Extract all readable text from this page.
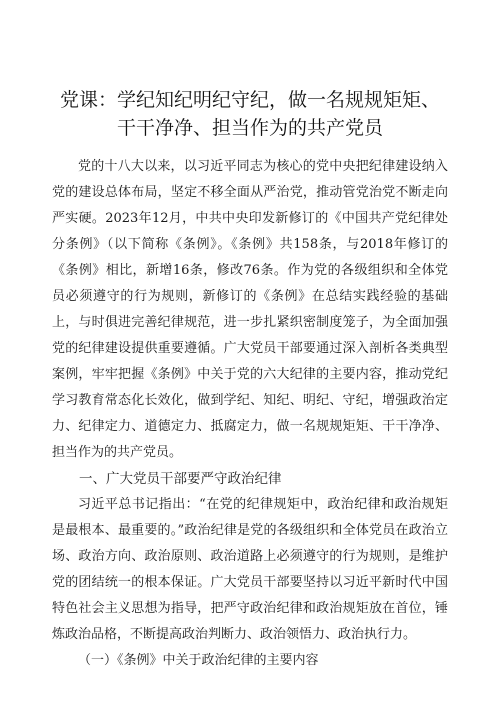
党课：学纪知纪明纪守纪，做一名规规矩矩、
干干净净、担当作为的共产党员

党的十八大以来，以习近平同志为核心的党中央把纪律建设纳入党的建设总体布局，坚定不移全面从严治党，推动管党治党不断走向严实硬。2023年12月，中共中央印发新修订的《中国共产党纪律处分条例》（以下简称《条例》。《条例》共158条，与2018年修订的《条例》相比，新增16条，修改76条。作为党的各级组织和全体党员必须遵守的行为规则，新修订的《条例》在总结实践经验的基础上，与时俱进完善纪律规范，进一步扎紧织密制度笼子，为全面加强党的纪律建设提供重要遵循。广大党员干部要通过深入剖析各类典型案例，牢牢把握《条例》中关于党的六大纪律的主要内容，推动党纪学习教育常态化长效化，做到学纪、知纪、明纪、守纪，增强政治定力、纪律定力、道德定力、抵腐定力，做一名规规矩矩、干干净净、担当作为的共产党员。

一、广大党员干部要严守政治纪律

习近平总书记指出：“在党的纪律规矩中，政治纪律和政治规矩是最根本、最重要的。”政治纪律是党的各级组织和全体党员在政治立场、政治方向、政治原则、政治道路上必须遵守的行为规则，是维护党的团结统一的根本保证。广大党员干部要坚持以习近平新时代中国特色社会主义思想为指导，把严守政治纪律和政治规矩放在首位，锤炼政治品格，不断提高政治判断力、政治领悟力、政治执行力。

（一）《条例》中关于政治纪律的主要内容
